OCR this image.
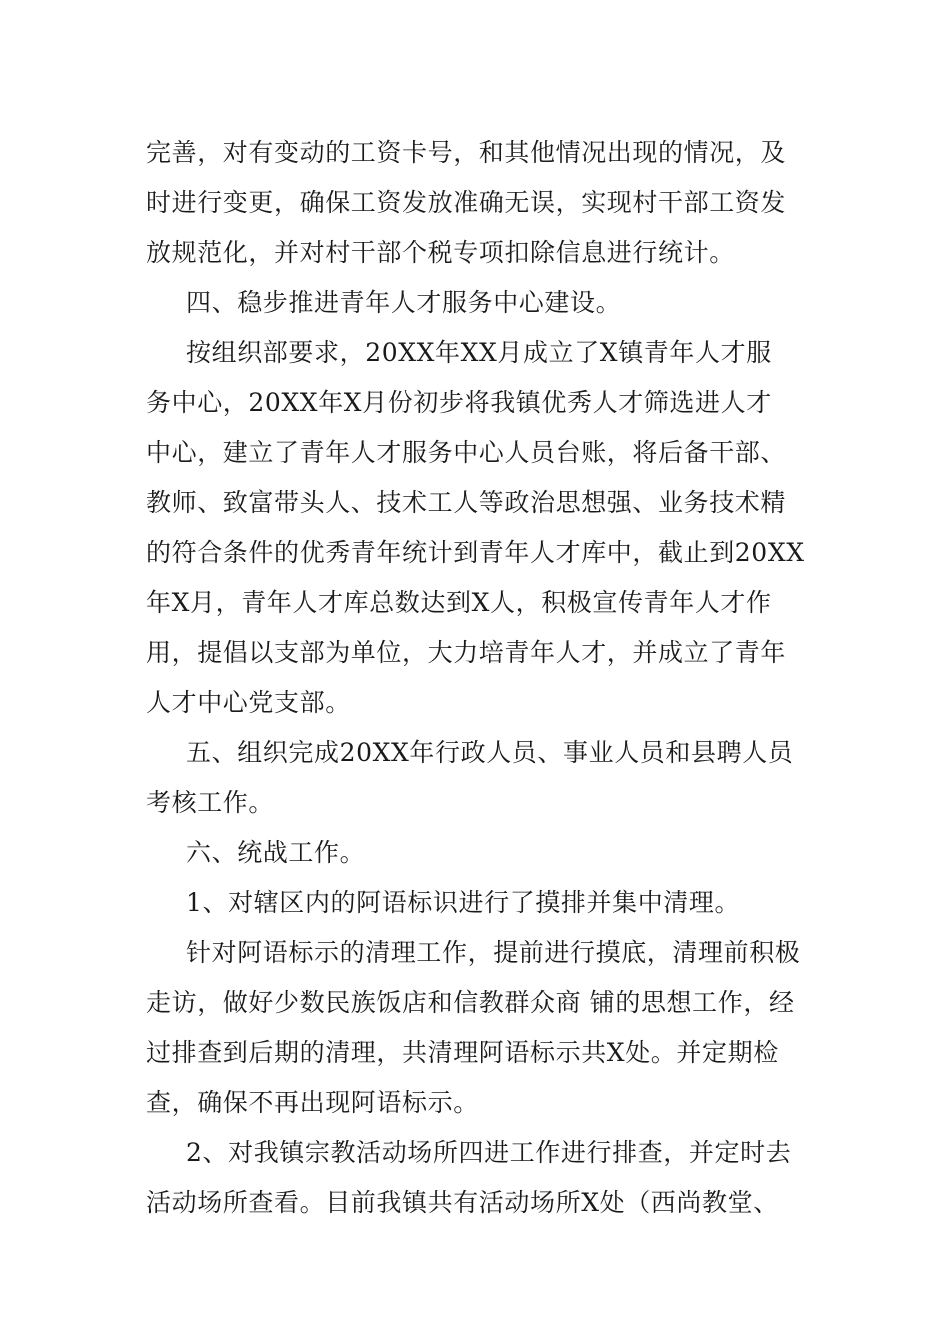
完善，对有变动的工资卡号，和其他情况出现的情况，及
时进行变更，确保工资发放准确无误，实现村干部工资发
放规范化，并对村干部个税专项扣除信息进行统计。
四、稳步推进青年人才服务中心建设。
按组织部要求，20XX年XX月成立了X镇青年人才服
务中心，20XX年X月份初步将我镇优秀人才筛选进人才
中心，建立了青年人才服务中心人员台账，将后备干部、
教师、致富带头人、技术工人等政治思想强、业务技术精
的符合条件的优秀青年统计到青年人才库中，截止到20XX
年X月，青年人才库总数达到X人，积极宣传青年人才作
用，提倡以支部为单位，大力培青年人才，并成立了青年
人才中心党支部。
五、组织完成20XX年行政人员、事业人员和县聘人员
考核工作。
六、统战工作。
1、对辖区内的阿语标识进行了摸排并集中清理。
针对阿语标示的清理工作，提前进行摸底，清理前积极
走访，做好少数民族饭店和信教群众商 铺的思想工作，经
过排查到后期的清理，共清理阿语标示共X处。并定期检
查，确保不再出现阿语标示。
2、对我镇宗教活动场所四进工作进行排查，并定时去
活动场所查看。目前我镇共有活动场所X处（西尚教堂、
